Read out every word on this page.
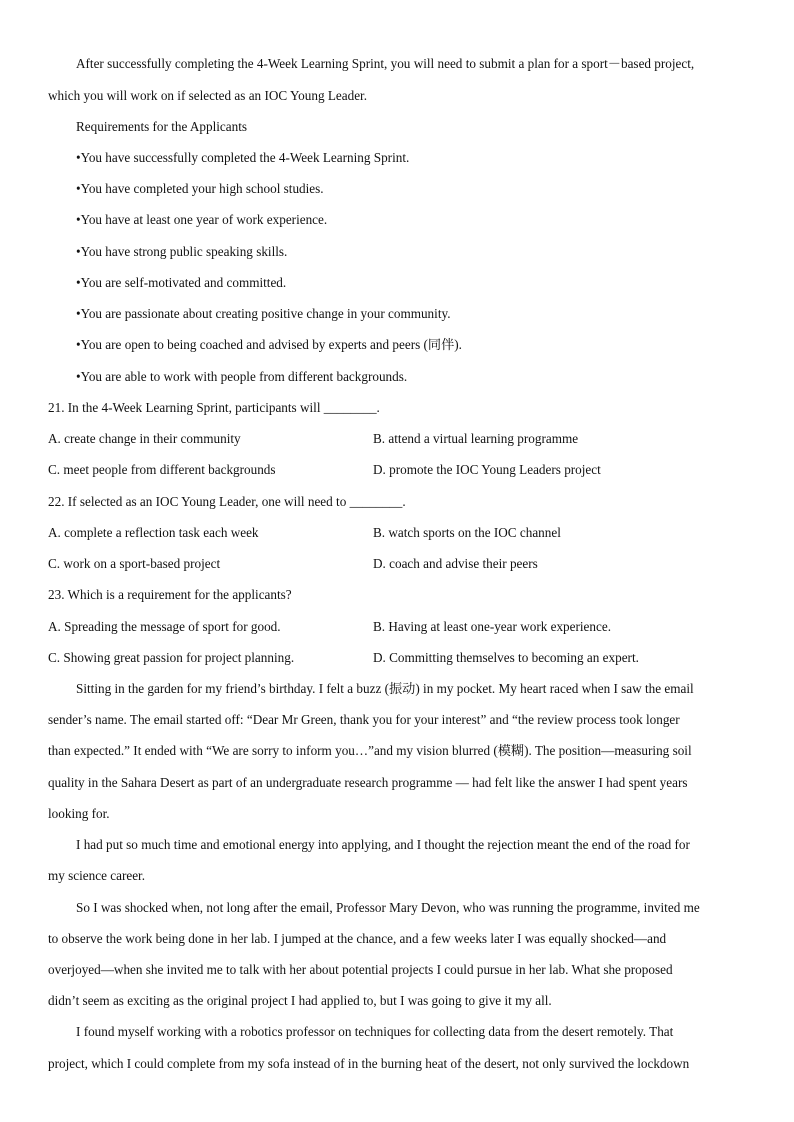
After successfully completing the 4-Week Learning Sprint, you will need to submit a plan for a sport－based project,
which you will work on if selected as an IOC Young Leader.
Requirements for the Applicants
•You have successfully completed the 4-Week Learning Sprint.
•You have completed your high school studies.
•You have at least one year of work experience.
•You have strong public speaking skills.
•You are self-motivated and committed.
•You are passionate about creating positive change in your community.
•You are open to being coached and advised by experts and peers (同伴).
•You are able to work with people from different backgrounds.
21. In the 4-Week Learning Sprint, participants will ________.
A. create change in their community	B. attend a virtual learning programme
C. meet people from different backgrounds	D. promote the IOC Young Leaders project
22. If selected as an IOC Young Leader, one will need to ________.
A. complete a reflection task each week	B. watch sports on the IOC channel
C. work on a sport-based project	D. coach and advise their peers
23. Which is a requirement for the applicants?
A. Spreading the message of sport for good.	B. Having at least one-year work experience.
C. Showing great passion for project planning.	D. Committing themselves to becoming an expert.
Sitting in the garden for my friend’s birthday. I felt a buzz (振动) in my pocket. My heart raced when I saw the email
sender’s name. The email started off: “Dear Mr Green, thank you for your interest” and “the review process took longer
than expected.” It ended with “We are sorry to inform you…”and my vision blurred (模糊). The position—measuring soil
quality in the Sahara Desert as part of an undergraduate research programme — had felt like the answer I had spent years
looking for.
I had put so much time and emotional energy into applying, and I thought the rejection meant the end of the road for
my science career.
So I was shocked when, not long after the email, Professor Mary Devon, who was running the programme, invited me
to observe the work being done in her lab. I jumped at the chance, and a few weeks later I was equally shocked—and
overjoyed—when she invited me to talk with her about potential projects I could pursue in her lab. What she proposed
didn’t seem as exciting as the original project I had applied to, but I was going to give it my all.
I found myself working with a robotics professor on techniques for collecting data from the desert remotely. That
project, which I could complete from my sofa instead of in the burning heat of the desert, not only survived the lockdown
